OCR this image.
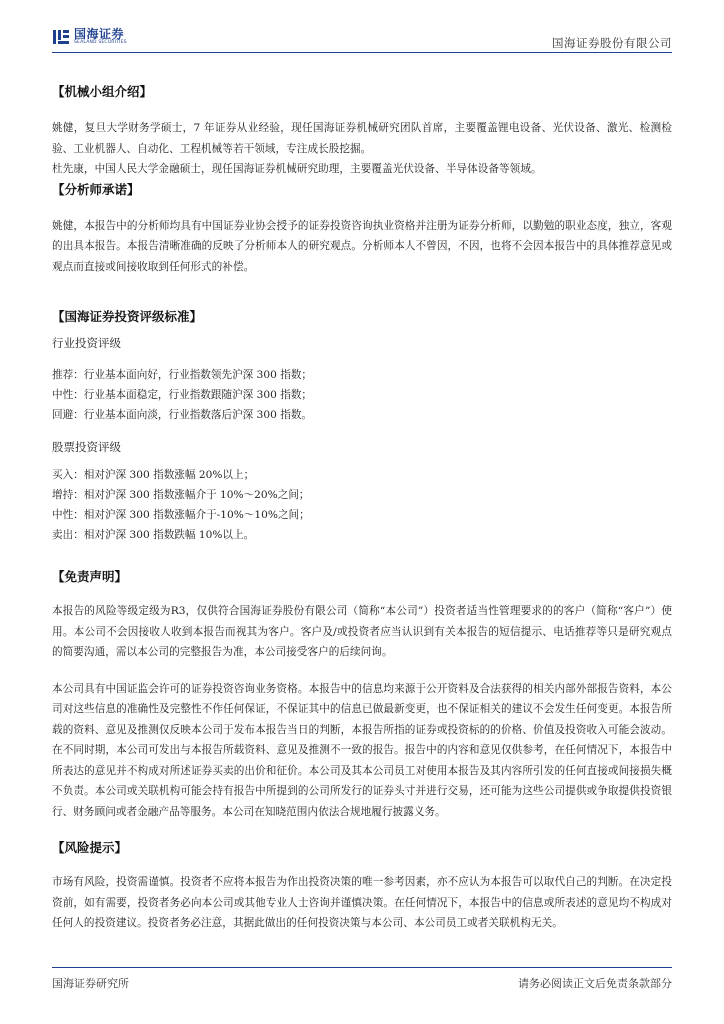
国海证券
SEALAND SECURITIES	国海证券股份有限公司
【机械小组介绍】

姚健，复旦大学财务学硕士，7 年证券从业经验，现任国海证券机械研究团队首席，主要覆盖锂电设备、光伏设备、激光、检测检验、工业机器人、自动化、工程机械等若干领域，专注成长股挖掘。

杜先康，中国人民大学金融硕士，现任国海证券机械研究助理，主要覆盖光伏设备、半导体设备等领域。

【分析师承诺】

姚健，本报告中的分析师均具有中国证券业协会授予的证券投资咨询执业资格并注册为证券分析师，以勤勉的职业态度，独立，客观的出具本报告。本报告清晰准确的反映了分析师本人的研究观点。分析师本人不曾因，不因，也将不会因本报告中的具体推荐意见或观点而直接或间接收取到任何形式的补偿。

【国海证券投资评级标准】

行业投资评级

推荐：行业基本面向好，行业指数领先沪深 300 指数；

中性：行业基本面稳定，行业指数跟随沪深 300 指数；

回避：行业基本面向淡，行业指数落后沪深 300 指数。

股票投资评级

买入：相对沪深 300 指数涨幅 20%以上；

增持：相对沪深 300 指数涨幅介于 10%～20%之间；

中性：相对沪深 300 指数涨幅介于-10%～10%之间；

卖出：相对沪深 300 指数跌幅 10%以上。

【免责声明】

本报告的风险等级定级为R3，仅供符合国海证券股份有限公司（简称“本公司”）投资者适当性管理要求的的客户（简称“客户”）使用。本公司不会因接收人收到本报告而视其为客户。客户及/或投资者应当认识到有关本报告的短信提示、电话推荐等只是研究观点的简要沟通，需以本公司的完整报告为准，本公司接受客户的后续问询。

本公司具有中国证监会许可的证券投资咨询业务资格。本报告中的信息均来源于公开资料及合法获得的相关内部外部报告资料，本公司对这些信息的准确性及完整性不作任何保证，不保证其中的信息已做最新变更，也不保证相关的建议不会发生任何变更。本报告所载的资料、意见及推测仅反映本公司于发布本报告当日的判断，本报告所指的证券或投资标的的价格、价值及投资收入可能会波动。在不同时期，本公司可发出与本报告所载资料、意见及推测不一致的报告。报告中的内容和意见仅供参考，在任何情况下，本报告中所表达的意见并不构成对所述证券买卖的出价和征价。本公司及其本公司员工对使用本报告及其内容所引发的任何直接或间接损失概不负责。本公司或关联机构可能会持有报告中所提到的公司所发行的证券头寸并进行交易，还可能为这些公司提供或争取提供投资银行、财务顾问或者金融产品等服务。本公司在知晓范围内依法合规地履行披露义务。

【风险提示】

市场有风险，投资需谨慎。投资者不应将本报告为作出投资决策的唯一参考因素，亦不应认为本报告可以取代自己的判断。在决定投资前，如有需要，投资者务必向本公司或其他专业人士咨询并谨慎决策。在任何情况下，本报告中的信息或所表述的意见均不构成对任何人的投资建议。投资者务必注意，其据此做出的任何投资决策与本公司、本公司员工或者关联机构无关。

国海证券研究所	请务必阅读正文后免责条款部分
